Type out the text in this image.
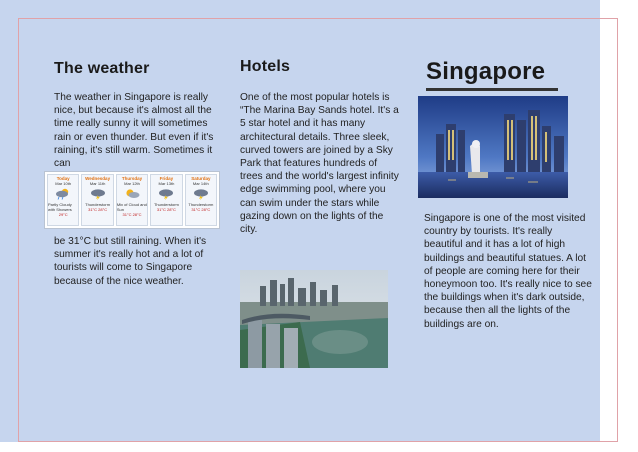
The weather
The weather in Singapore is really nice, but because it's almost all the time really sunny it will sometimes rain or even thunder. But even if it's raining, it's still warm. Sometimes it can
Today
Mar 10th
Partly Cloudy with Showers
29°C
Wednesday
Mar 11th
Thunderstorm
31°C 28°C
Thursday
Mar 12th
Mix of Cloud and Sun
31°C 28°C
Friday
Mar 13th
Thunderstorm
31°C 28°C
Saturday
Mar 14th
Thunderstorm
31°C 28°C
be 31°C but still raining. When it's summer it's really hot and a lot of tourists will come to Singapore because of the nice weather.
Hotels
One of the most popular hotels is “The Marina Bay Sands hotel. It's a 5 star hotel and it has many architectural details. Three sleek, curved towers are joined by a Sky Park that features hundreds of trees and the world's largest infinity edge swimming pool, where you can swim under the stars while gazing down on the lights of the city.
Singapore
Singapore is one of the most visited country by tourists. It's really beautiful and it has a lot of high buildings and beautiful statues. A lot of people are coming here for their honeymoon too. It's really nice to see the buildings when it's dark outside, because then all the lights of the buildings are on.
